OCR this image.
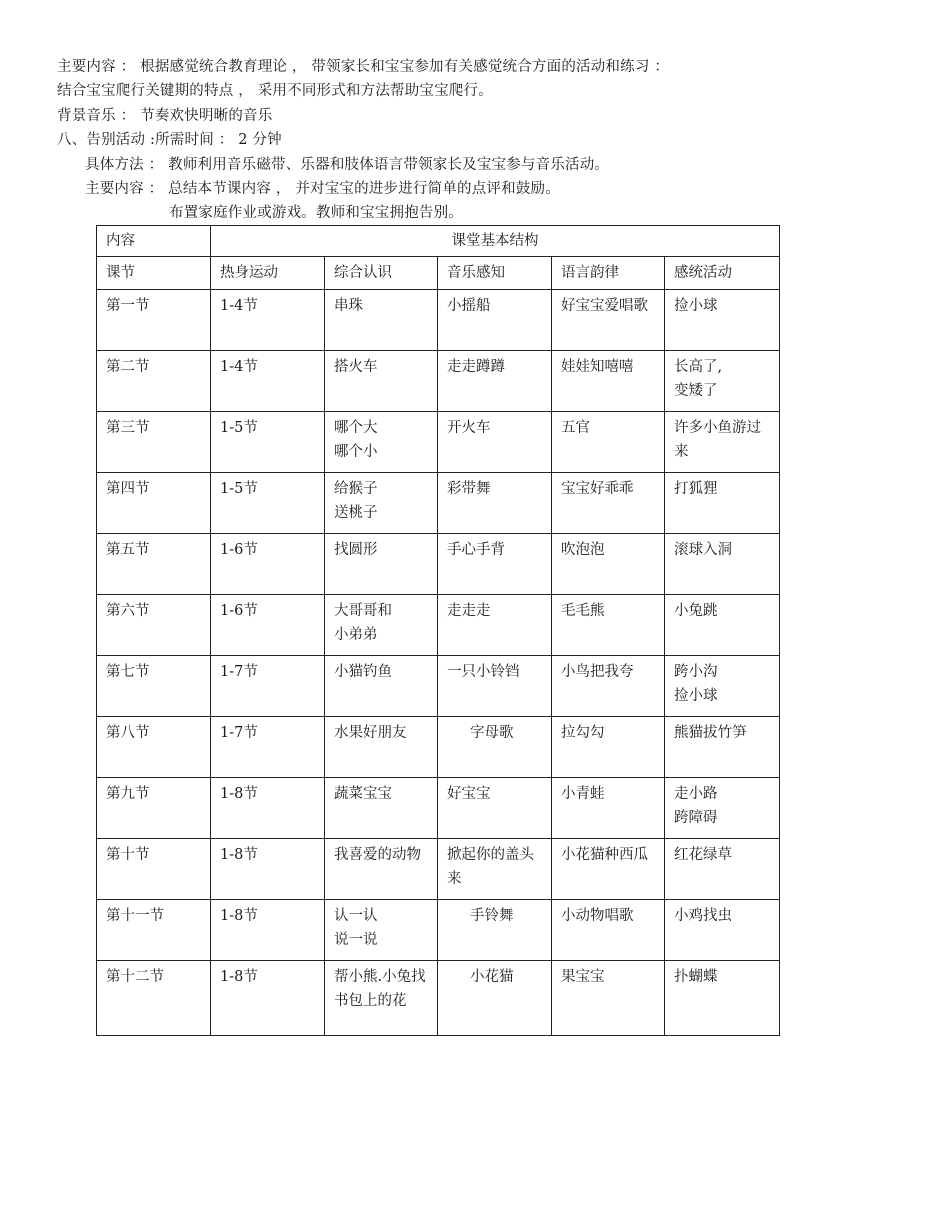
主要内容 ： 根据感觉统合教育理论 ， 带领家长和宝宝参加有关感觉统合方面的活动和练习 ：
结合宝宝爬行关键期的特点 ， 采用不同形式和方法帮助宝宝爬行。
背景音乐 ： 节奏欢快明晰的音乐
八、告别活动 :所需时间 ： 2 分钟
具体方法 ： 教师利用音乐磁带、乐器和肢体语言带领家长及宝宝参与音乐活动。
主要内容 ： 总结本节课内容 ， 并对宝宝的进步进行简单的点评和鼓励。
布置家庭作业或游戏。教师和宝宝拥抱告别。
内容	课堂基本结构				
课节	热身运动	综合认识	音乐感知	语言韵律	感统活动
第一节	1-4节	串珠	小摇船	好宝宝爱唱歌	捡小球
第二节	1-4节	搭火车	走走蹲蹲	娃娃知嘻嘻	长高了,
变矮了
第三节	1-5节	哪个大
哪个小	开火车	五官	许多小鱼游过来
第四节	1-5节	给猴子
送桃子	彩带舞	宝宝好乖乖	打狐狸
第五节	1-6节	找圆形	手心手背	吹泡泡	滚球入洞
第六节	1-6节	大哥哥和
小弟弟	走走走	毛毛熊	小兔跳
第七节	1-7节	小猫钓鱼	一只小铃铛	小鸟把我夸	跨小沟
捡小球
第八节	1-7节	水果好朋友	字母歌	拉勾勾	熊猫拔竹笋
第九节	1-8节	蔬菜宝宝	好宝宝	小青蛙	走小路
跨障碍
第十节	1-8节	我喜爱的动物	掀起你的盖头来	小花猫种西瓜	红花绿草
第十一节	1-8节	认一认
说一说	手铃舞	小动物唱歌	小鸡找虫
第十二节	1-8节	帮小熊.小兔找书包上的花	小花猫	果宝宝	扑蝴蝶
